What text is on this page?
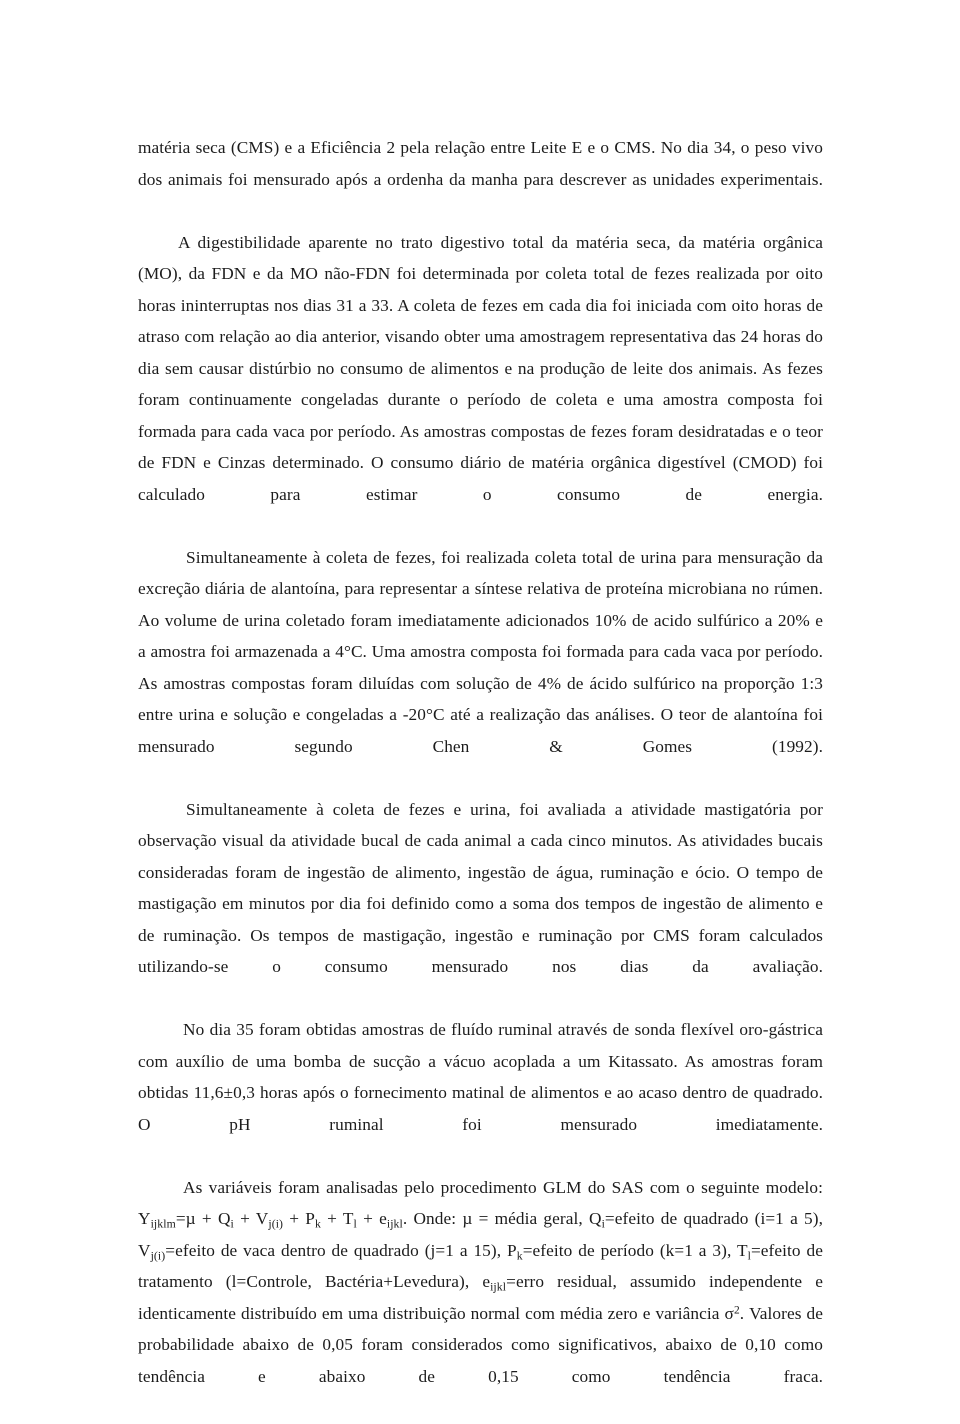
matéria seca (CMS) e a Eficiência 2 pela relação entre Leite E e o CMS. No dia 34, o peso vivo dos animais foi mensurado após a ordenha da manha para descrever as unidades experimentais.

A digestibilidade aparente no trato digestivo total da matéria seca, da matéria orgânica (MO), da FDN e da MO não-FDN foi determinada por coleta total de fezes realizada por oito horas ininterruptas nos dias 31 a 33. A coleta de fezes em cada dia foi iniciada com oito horas de atraso com relação ao dia anterior, visando obter uma amostragem representativa das 24 horas do dia sem causar distúrbio no consumo de alimentos e na produção de leite dos animais. As fezes foram continuamente congeladas durante o período de coleta e uma amostra composta foi formada para cada vaca por período. As amostras compostas de fezes foram desidratadas e o teor de FDN e Cinzas determinado. O consumo diário de matéria orgânica digestível (CMOD) foi calculado para estimar o consumo de energia.

Simultaneamente à coleta de fezes, foi realizada coleta total de urina para mensuração da excreção diária de alantoína, para representar a síntese relativa de proteína microbiana no rúmen. Ao volume de urina coletado foram imediatamente adicionados 10% de acido sulfúrico a 20% e a amostra foi armazenada a 4°C. Uma amostra composta foi formada para cada vaca por período. As amostras compostas foram diluídas com solução de 4% de ácido sulfúrico na proporção 1:3 entre urina e solução e congeladas a -20°C até a realização das análises. O teor de alantoína foi mensurado segundo Chen & Gomes (1992).

Simultaneamente à coleta de fezes e urina, foi avaliada a atividade mastigatória por observação visual da atividade bucal de cada animal a cada cinco minutos. As atividades bucais consideradas foram de ingestão de alimento, ingestão de água, ruminação e ócio. O tempo de mastigação em minutos por dia foi definido como a soma dos tempos de ingestão de alimento e de ruminação. Os tempos de mastigação, ingestão e ruminação por CMS foram calculados utilizando-se o consumo mensurado nos dias da avaliação.

No dia 35 foram obtidas amostras de fluído ruminal através de sonda flexível oro-gástrica com auxílio de uma bomba de sucção a vácuo acoplada a um Kitassato. As amostras foram obtidas 11,6±0,3 horas após o fornecimento matinal de alimentos e ao acaso dentro de quadrado. O pH ruminal foi mensurado imediatamente.

As variáveis foram analisadas pelo procedimento GLM do SAS com o seguinte modelo: $Y_{ijklm}=\mu + Q_i + V_{j(i)} + P_k + T_l + e_{ijkl}$. Onde: µ = média geral, $Q_i=efeito$ de quadrado (i=1 a 5), $V_{j(i)}=efeito$ de vaca dentro de quadrado (j=1 a 15), $P_k=efeito$ de período (k=1 a 3), $T_l=efeito$ de tratamento (l=Controle, Bactéria+Levedura), $e_{ijkl}=erro$ residual, assumido independente e identicamente distribuído em uma distribuição normal com média zero e variância $\sigma^2$. Valores de probabilidade abaixo de 0,05 foram considerados como significativos, abaixo de 0,10 como tendência e abaixo de 0,15 como tendência fraca.
